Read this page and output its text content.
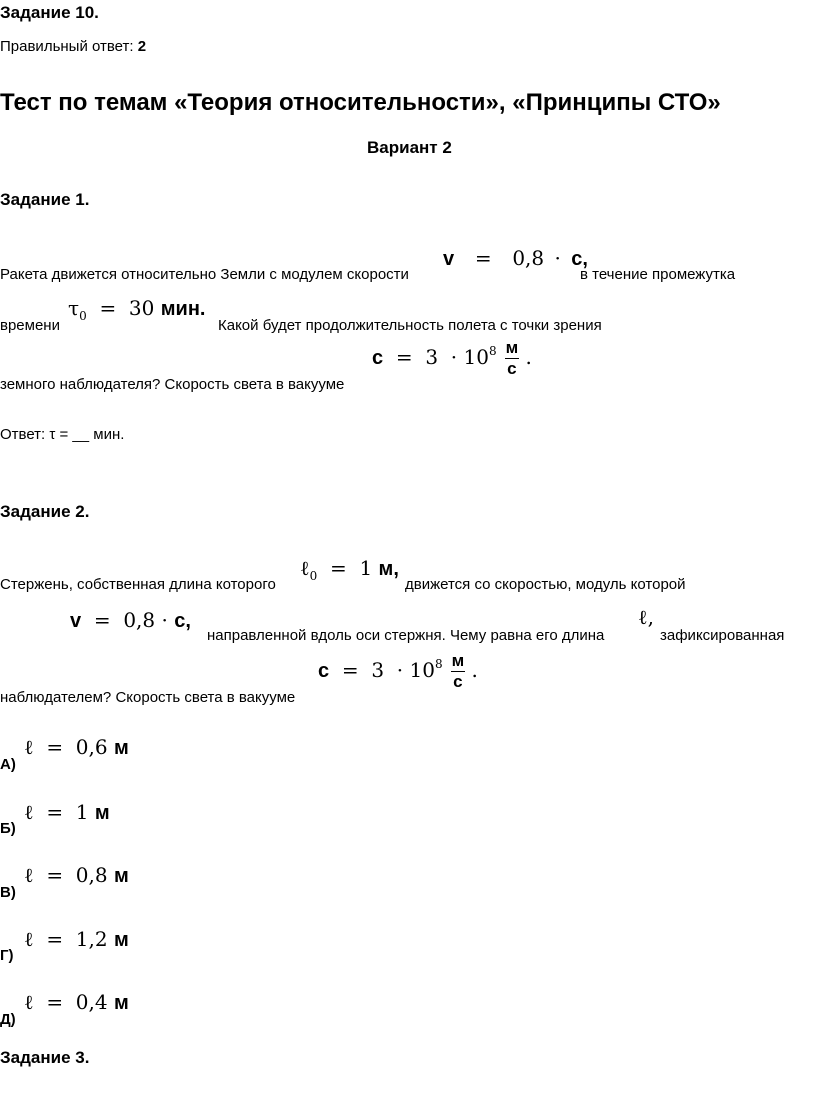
Задание 10.
Правильный ответ: 2
Тест по темам «Теория относительности», «Принципы СТО»
Вариант 2
Задание 1.
Ракета движется относительно Земли с модулем скорости
v = 0,8 · с,
в течение промежутка
времени
$\tau_0 = 30$ мин.
Какой будет продолжительность полета с точки зрения
$с = 3 \cdot 10^8 \frac{м}{с}$ .
земного наблюдателя? Скорость света в вакууме
Ответ: τ = __ мин.
Задание 2.
Стержень, собственная длина которого
ℓ$_0$ = 1 м,
движется со скоростью, модуль которой
v = 0,8 · с,
направленной вдоль оси стержня. Чему равна его длина
ℓ,
зафиксированная
$с = 3 \cdot 10^8 \frac{м}{с}$ .
наблюдателем? Скорость света в вакууме
ℓ = 0,6 м
А)
ℓ = 1 м
Б)
ℓ = 0,8 м
В)
ℓ = 1,2 м
Г)
ℓ = 0,4 м
Д)
Задание 3.
